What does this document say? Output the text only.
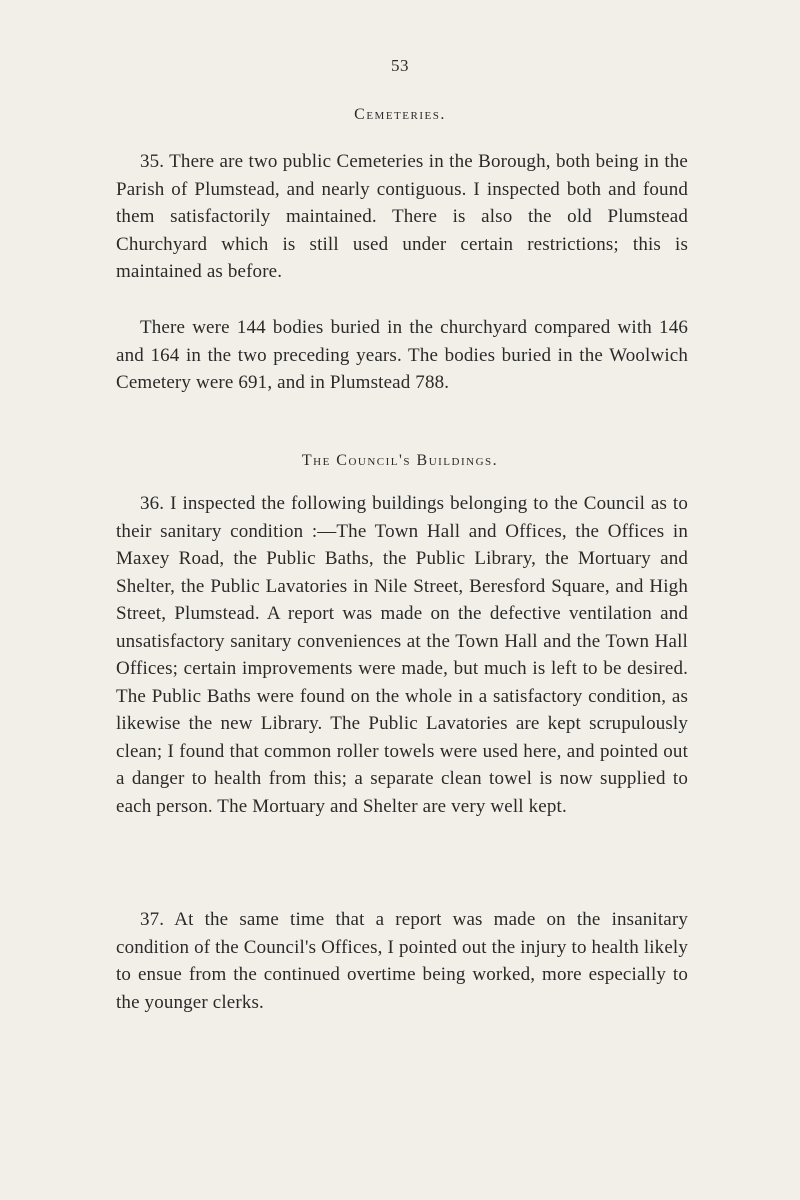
53
Cemeteries.

35. There are two public Cemeteries in the Borough, both being in the Parish of Plumstead, and nearly contiguous. I inspected both and found them satisfactorily maintained. There is also the old Plumstead Churchyard which is still used under certain restrictions; this is maintained as before.

There were 144 bodies buried in the churchyard compared with 146 and 164 in the two preceding years. The bodies buried in the Woolwich Cemetery were 691, and in Plumstead 788.

The Council's Buildings.

36. I inspected the following buildings belonging to the Council as to their sanitary condition :—The Town Hall and Offices, the Offices in Maxey Road, the Public Baths, the Public Library, the Mortuary and Shelter, the Public Lavatories in Nile Street, Beresford Square, and High Street, Plumstead. A report was made on the defective ventilation and unsatisfactory sanitary conveniences at the Town Hall and the Town Hall Offices; certain improvements were made, but much is left to be desired. The Public Baths were found on the whole in a satisfactory condition, as likewise the new Library. The Public Lavatories are kept scrupulously clean; I found that common roller towels were used here, and pointed out a danger to health from this; a separate clean towel is now supplied to each person. The Mortuary and Shelter are very well kept.

37. At the same time that a report was made on the insanitary condition of the Council's Offices, I pointed out the injury to health likely to ensue from the continued overtime being worked, more especially to the younger clerks.
